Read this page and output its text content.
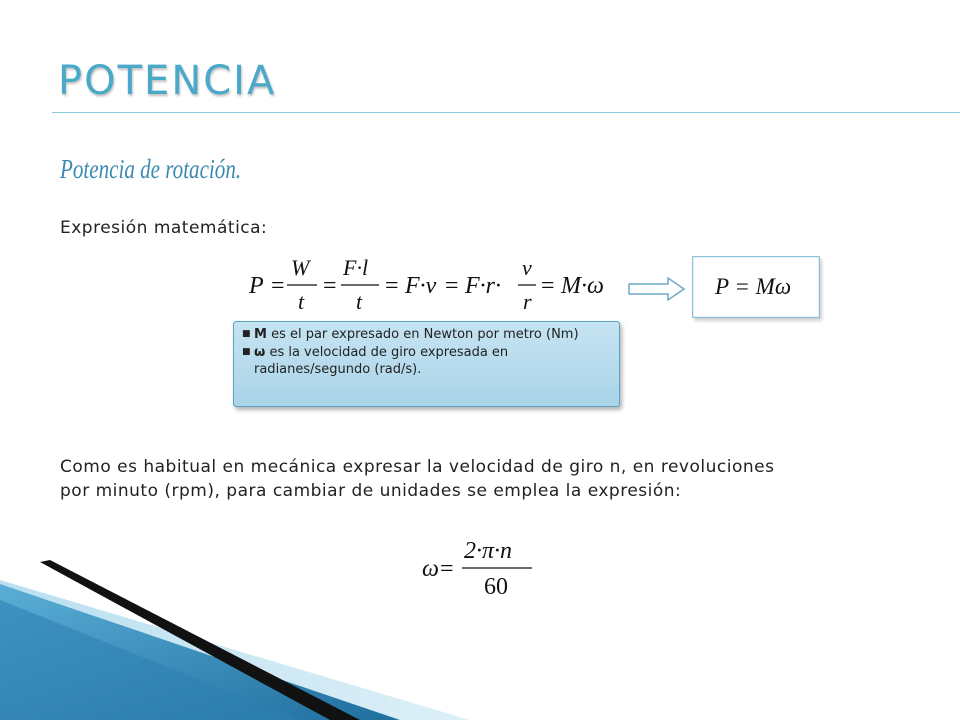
POTENCIA
Potencia de rotación.
Expresión matemática:
P =
W
t
=
F·l
t
= F·v = F·r·
v
r
= M·ω	P = Mω
■ M es el par expresado en Newton por metro (Nm)
■ ω es la velocidad de giro expresada en radianes/segundo (rad/s).
Como es habitual en mecánica expresar la velocidad de giro n, en revoluciones por minuto (rpm), para cambiar de unidades se emplea la expresión:
ω =
2·π·n
60
